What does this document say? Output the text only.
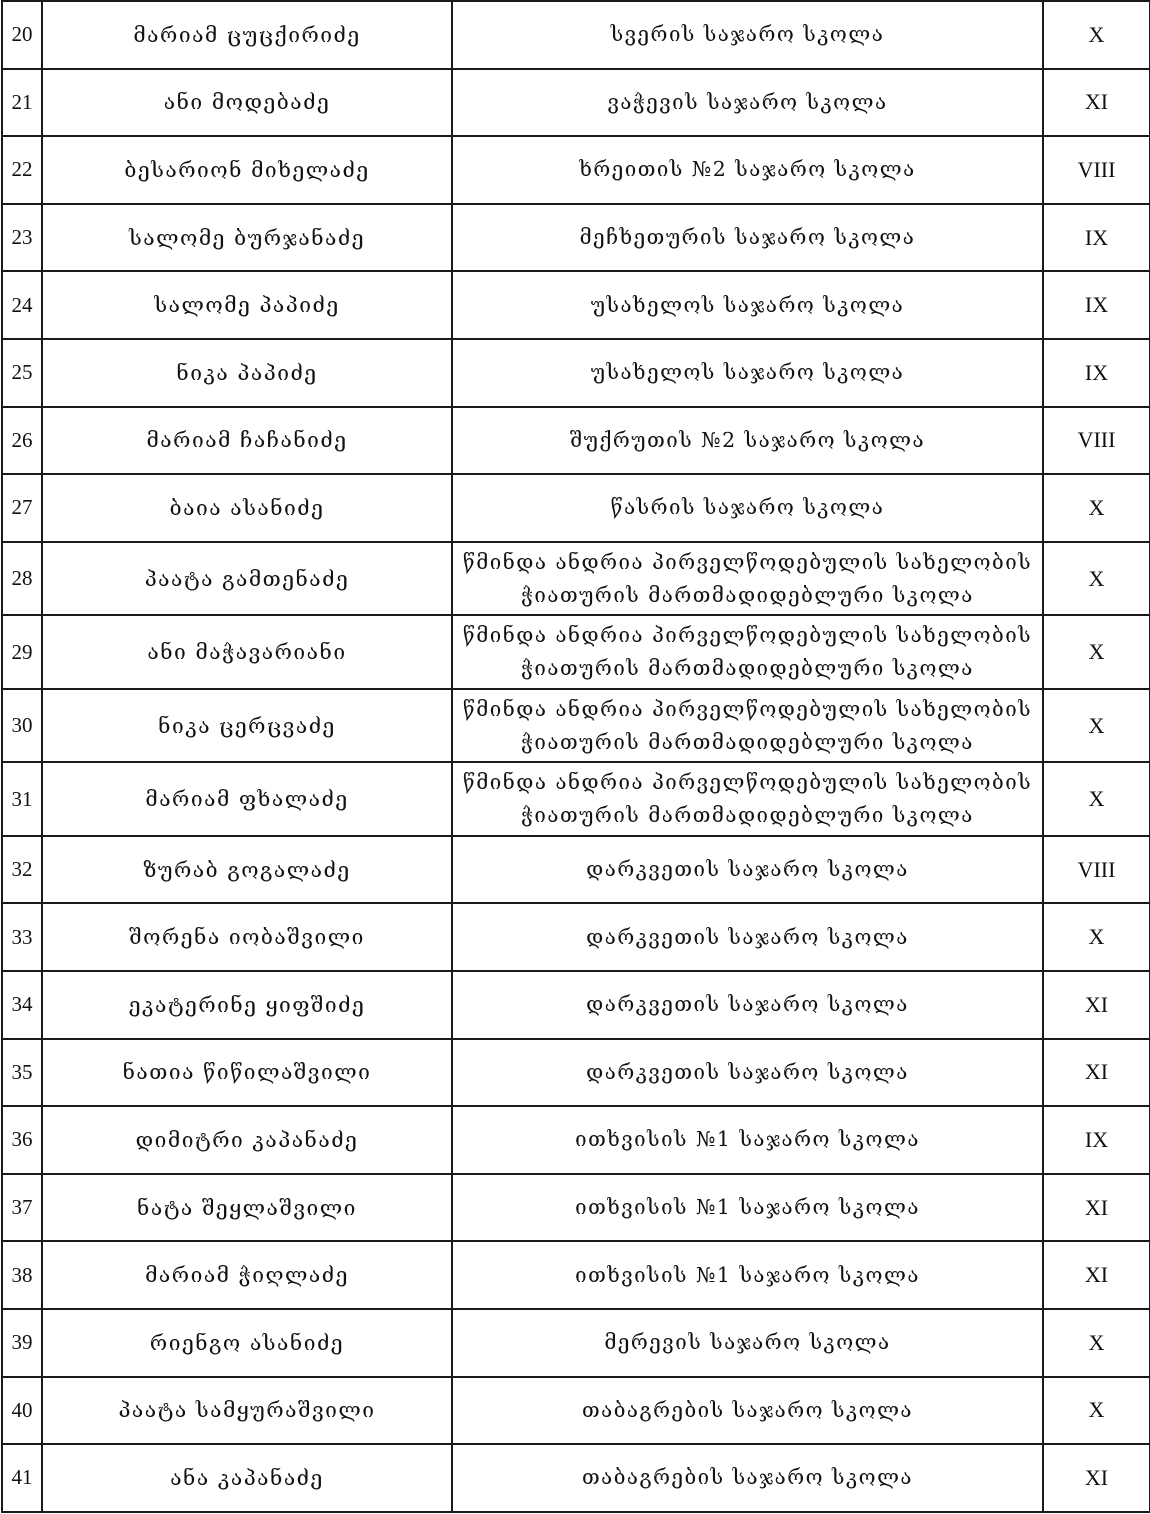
20	მარიამ ცუცქირიძე	სვერის საჯარო სკოლა	X
21	ანი მოდებაძე	ვაჭევის საჯარო სკოლა	XI
22	ბესარიონ მიხელაძე	ხრეითის №2 საჯარო სკოლა	VIII
23	სალომე ბურჯანაძე	მეჩხეთურის საჯარო სკოლა	IX
24	სალომე პაპიძე	უსახელოს საჯარო სკოლა	IX
25	ნიკა პაპიძე	უსახელოს საჯარო სკოლა	IX
26	მარიამ ჩაჩანიძე	შუქრუთის №2 საჯარო სკოლა	VIII
27	ბაია ასანიძე	წასრის საჯარო სკოლა	X
28	პაატა გამთენაძე	წმინდა ანდრია პირველწოდებულის სახელობის
ჭიათურის მართმადიდებლური სკოლა	X
29	ანი მაჭავარიანი	წმინდა ანდრია პირველწოდებულის სახელობის
ჭიათურის მართმადიდებლური სკოლა	X
30	ნიკა ცერცვაძე	წმინდა ანდრია პირველწოდებულის სახელობის
ჭიათურის მართმადიდებლური სკოლა	X
31	მარიამ ფხალაძე	წმინდა ანდრია პირველწოდებულის სახელობის
ჭიათურის მართმადიდებლური სკოლა	X
32	ზურაბ გოგალაძე	დარკვეთის საჯარო სკოლა	VIII
33	შორენა იობაშვილი	დარკვეთის საჯარო სკოლა	X
34	ეკატერინე ყიფშიძე	დარკვეთის საჯარო სკოლა	XI
35	ნათია წიწილაშვილი	დარკვეთის საჯარო სკოლა	XI
36	დიმიტრი კაპანაძე	ითხვისის №1 საჯარო სკოლა	IX
37	ნატა შეყლაშვილი	ითხვისის №1 საჯარო სკოლა	XI
38	მარიამ ჭიღლაძე	ითხვისის №1 საჯარო სკოლა	XI
39	რიენგო ასანიძე	მერევის საჯარო სკოლა	X
40	პაატა სამყურაშვილი	თაბაგრების საჯარო სკოლა	X
41	ანა კაპანაძე	თაბაგრების საჯარო სკოლა	XI
